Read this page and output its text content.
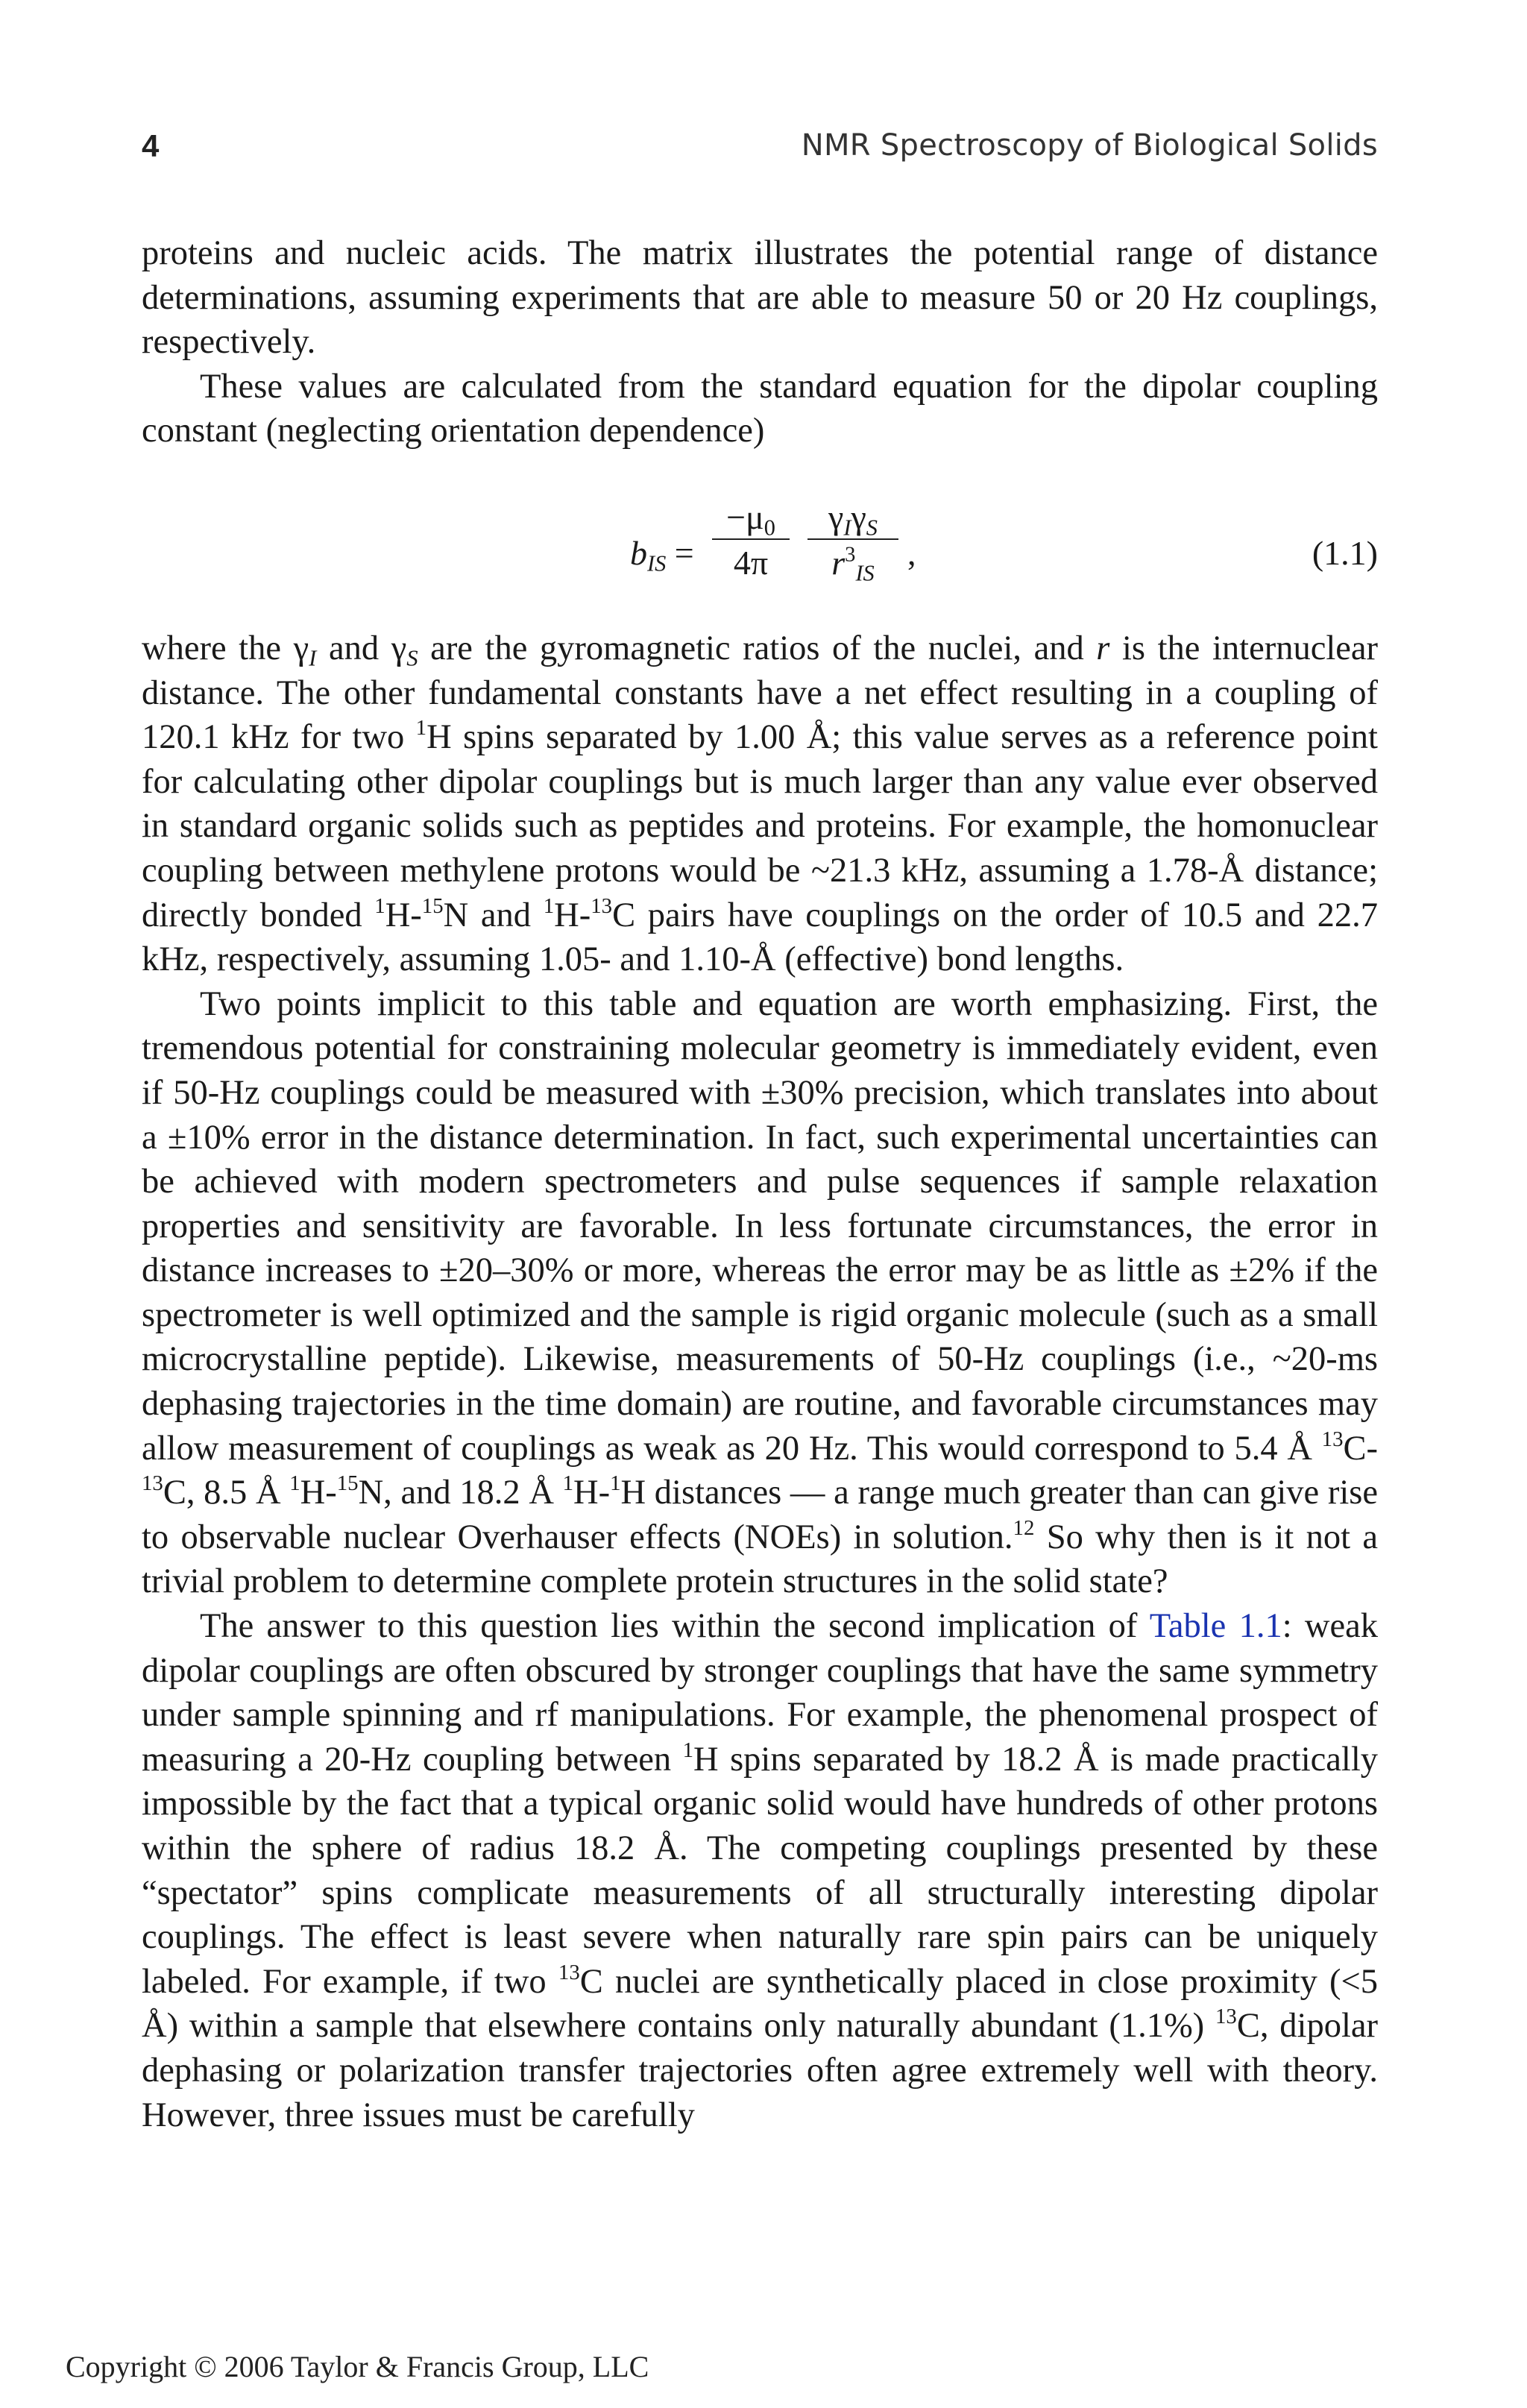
4	NMR Spectroscopy of Biological Solids

proteins and nucleic acids. The matrix illustrates the potential range of distance determinations, assuming experiments that are able to measure 50 or 20 Hz couplings, respectively.

These values are calculated from the standard equation for the dipolar coupling constant (neglecting orientation dependence)

$b_{IS} = \frac{-\mu_0}{4\pi}$	$\gamma_I\gamma_S$
$r^3_{IS}$
,	(1.1)

where the $\gamma_I$ and $\gamma_S$ are the gyromagnetic ratios of the nuclei, and r is the internuclear distance. The other fundamental constants have a net effect resulting in a coupling of 120.1 kHz for two $^1$H spins separated by 1.00 Å; this value serves as a reference point for calculating other dipolar couplings but is much larger than any value ever observed in standard organic solids such as peptides and proteins. For example, the homonuclear coupling between methylene protons would be ~21.3 kHz, assuming a 1.78-Å distance; directly bonded $^1$H-$^{15}$N and $^1$H-$^{13}$C pairs have couplings on the order of 10.5 and 22.7 kHz, respectively, assuming 1.05- and 1.10-Å (effective) bond lengths.

Two points implicit to this table and equation are worth emphasizing. First, the tremendous potential for constraining molecular geometry is immediately evident, even if 50-Hz couplings could be measured with ±30% precision, which translates into about a ±10% error in the distance determination. In fact, such experimental uncertainties can be achieved with modern spectrometers and pulse sequences if sample relaxation properties and sensitivity are favorable. In less fortunate circumstances, the error in distance increases to ±20–30% or more, whereas the error may be as little as ±2% if the spectrometer is well optimized and the sample is rigid organic molecule (such as a small microcrystalline peptide). Likewise, measurements of 50-Hz couplings (i.e., ~20-ms dephasing trajectories in the time domain) are routine, and favorable circumstances may allow measurement of couplings as weak as 20 Hz. This would correspond to 5.4 Å $^{13}$C-$^{13}$C, 8.5 Å $^1$H-$^{15}$N, and 18.2 Å $^1$H-$^1$H distances — a range much greater than can give rise to observable nuclear Overhauser effects (NOEs) in solution.$^{12}$ So why then is it not a trivial problem to determine complete protein structures in the solid state?

The answer to this question lies within the second implication of Table 1.1: weak dipolar couplings are often obscured by stronger couplings that have the same symmetry under sample spinning and rf manipulations. For example, the phenomenal prospect of measuring a 20-Hz coupling between $^1$H spins separated by 18.2 Å is made practically impossible by the fact that a typical organic solid would have hundreds of other protons within the sphere of radius 18.2 Å. The competing couplings presented by these “spectator” spins complicate measurements of all structurally interesting dipolar couplings. The effect is least severe when naturally rare spin pairs can be uniquely labeled. For example, if two $^{13}$C nuclei are synthetically placed in close proximity (<5 Å) within a sample that elsewhere contains only naturally abundant (1.1%) $^{13}$C, dipolar dephasing or polarization transfer trajectories often agree extremely well with theory. However, three issues must be carefully

Copyright © 2006 Taylor & Francis Group, LLC
